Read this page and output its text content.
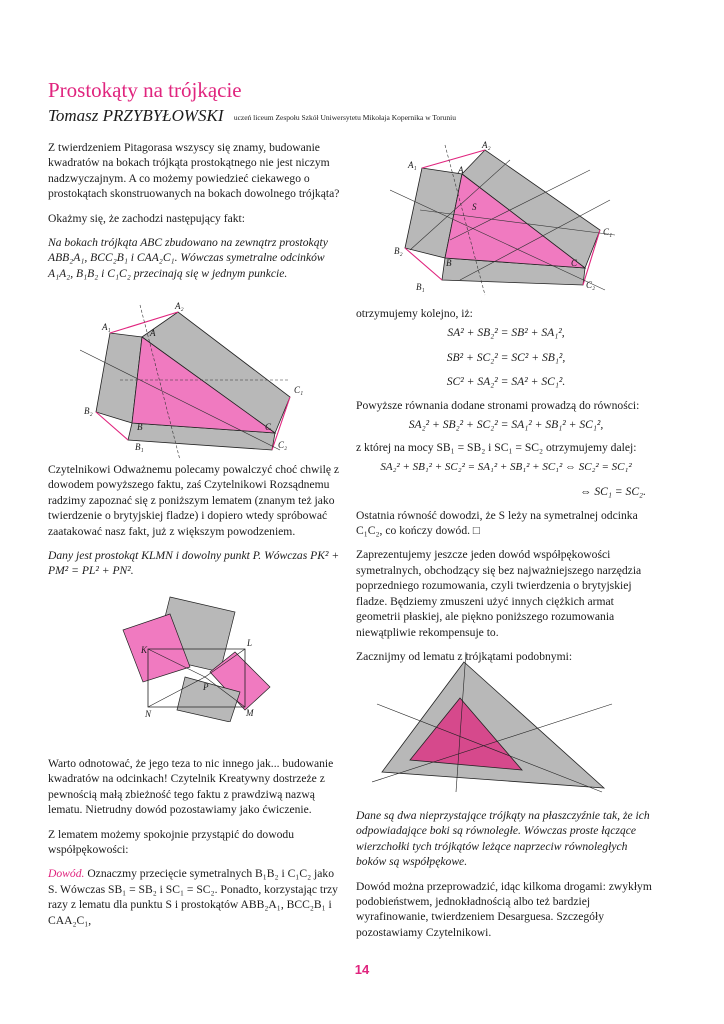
Prostokąty na trójkącie
Tomasz PRZYBYŁOWSKI uczeń liceum Zespołu Szkół Uniwersytetu Mikołaja Kopernika w Toruniu

Z twierdzeniem Pitagorasa wszyscy się znamy, budowanie kwadratów na bokach trójkąta prostokątnego nie jest niczym nadzwyczajnym. A co możemy powiedzieć ciekawego o prostokątach skonstruowanych na bokach dowolnego trójkąta?

Okażmy się, że zachodzi następujący fakt:

Na bokach trójkąta ABC zbudowano na zewnątrz prostokąty ABB₂A₁, BCC₂B₁ i CAA₂C₁. Wówczas symetralne odcinków A₁A₂, B₁B₂ i C₁C₂ przecinają się w jednym punkcie.

A₁
A₂
A
B₂
B
B₁
C
C₁
C₂

Czytelnikowi Odważnemu polecamy powalczyć choć chwilę z dowodem powyższego faktu, zaś Czytelnikowi Rozsądnemu radzimy zapoznać się z poniższym lematem (znanym też jako twierdzenie o brytyjskiej fladze) i dopiero wtedy spróbować zaatakować nasz fakt, już z większym powodzeniem.

Dany jest prostokąt KLMN i dowolny punkt P. Wówczas PK² + PM² = PL² + PN².

K
L
M
N
P

Warto odnotować, że jego teza to nic innego jak... budowanie kwadratów na odcinkach! Czytelnik Kreatywny dostrzeże z pewnością małą zbieżność tego faktu z prawdziwą nazwą lematu. Nietrudny dowód pozostawiamy jako ćwiczenie.

Z lematem możemy spokojnie przystąpić do dowodu współpękowości:

Dowód. Oznaczmy przecięcie symetralnych B₁B₂ i C₁C₂ jako S. Wówczas SB₁ = SB₂ i SC₁ = SC₂. Ponadto, korzystając trzy razy z lematu dla punktu S i prostokątów ABB₂A₁, BCC₂B₁ i CAA₂C₁,

A₁
A₂
A
S
B₂
B
B₁
C
C₁
C₂

otrzymujemy kolejno, iż:

SA² + SB₂² = SB² + SA₁²,

SB² + SC₂² = SC² + SB₁²,

SC² + SA₂² = SA² + SC₁².

Powyższe równania dodane stronami prowadzą do równości:

SA₂² + SB₂² + SC₂² = SA₁² + SB₁² + SC₁²,

z której na mocy SB₁ = SB₂ i SC₁ = SC₂ otrzymujemy dalej:

SA₂² + SB₁² + SC₂² = SA₁² + SB₁² + SC₁² ⇔ SC₂² = SC₁²

⇔ SC₁ = SC₂.

Ostatnia równość dowodzi, że S leży na symetralnej odcinka C₁C₂, co kończy dowód. □

Zaprezentujemy jeszcze jeden dowód współpękowości symetralnych, obchodzący się bez najważniejszego narzędzia poprzedniego rozumowania, czyli twierdzenia o brytyjskiej fladze. Będziemy zmuszeni użyć innych ciężkich armat geometrii płaskiej, ale piękno poniższego rozumowania niewątpliwie rekompensuje to.

Zacznijmy od lematu z trójkątami podobnymi:

Dane są dwa nieprzystające trójkąty na płaszczyźnie tak, że ich odpowiadające boki są równoległe. Wówczas proste łączące wierzchołki tych trójkątów leżące naprzeciw równoległych boków są współpękowe.

Dowód można przeprowadzić, idąc kilkoma drogami: zwykłym podobieństwem, jednokładnością albo też bardziej wyrafinowanie, twierdzeniem Desarguesa. Szczegóły pozostawiamy Czytelnikowi.

14
